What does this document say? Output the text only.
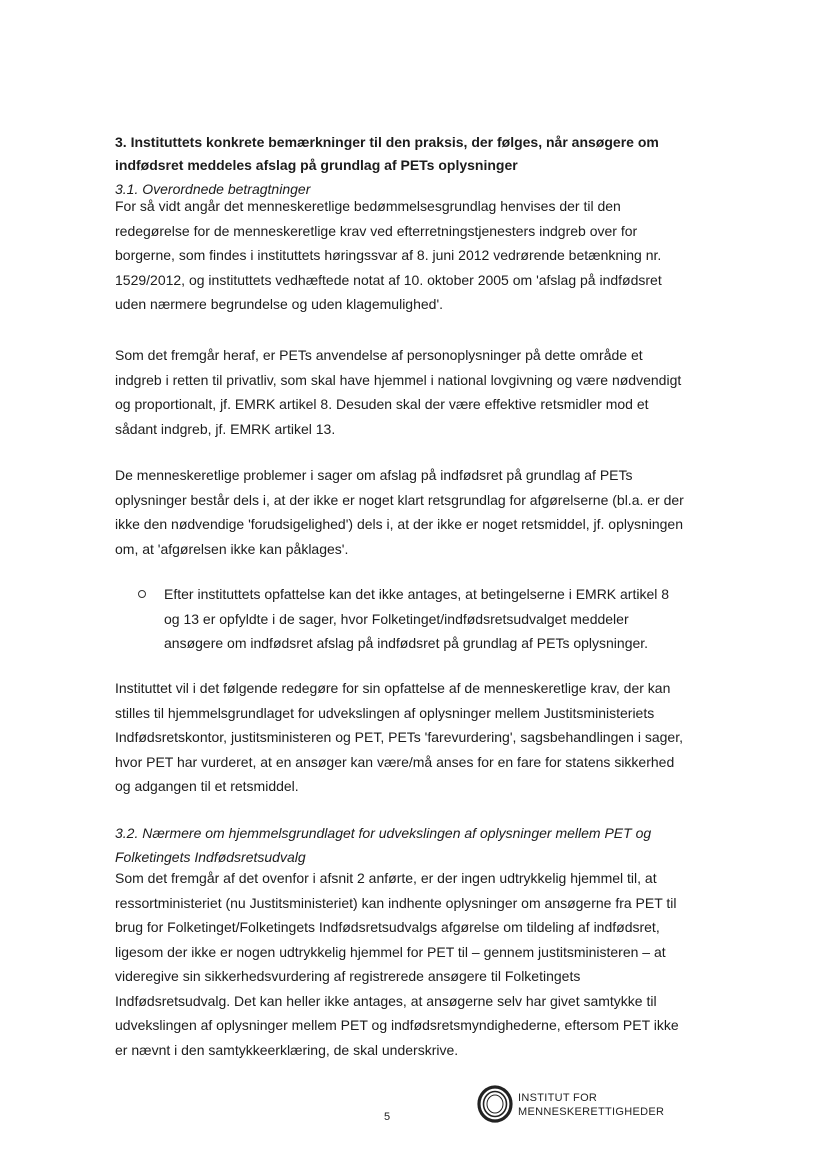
3. Instituttets konkrete bemærkninger til den praksis, der følges, når ansøgere om indfødsret meddeles afslag på grundlag af PETs oplysninger

3.1. Overordnede betragtninger

For så vidt angår det menneskeretlige bedømmelsesgrundlag henvises der til den redegørelse for de menneskeretlige krav ved efterretningstjenesters indgreb over for borgerne, som findes i instituttets høringssvar af 8. juni 2012 vedrørende betænkning nr. 1529/2012, og instituttets vedhæftede notat af 10. oktober 2005 om 'afslag på indfødsret uden nærmere begrundelse og uden klagemulighed'.

Som det fremgår heraf, er PETs anvendelse af personoplysninger på dette område et indgreb i retten til privatliv, som skal have hjemmel i national lovgivning og være nødvendigt og proportionalt, jf. EMRK artikel 8. Desuden skal der være effektive retsmidler mod et sådant indgreb, jf. EMRK artikel 13.

De menneskeretlige problemer i sager om afslag på indfødsret på grundlag af PETs oplysninger består dels i, at der ikke er noget klart retsgrundlag for afgørelserne (bl.a. er der ikke den nødvendige 'forudsigelighed') dels i, at der ikke er noget retsmiddel, jf. oplysningen om, at 'afgørelsen ikke kan påklages'.

Efter instituttets opfattelse kan det ikke antages, at betingelserne i EMRK artikel 8 og 13 er opfyldte i de sager, hvor Folketinget/indfødsretsudvalget meddeler ansøgere om indfødsret afslag på indfødsret på grundlag af PETs oplysninger.

Instituttet vil i det følgende redegøre for sin opfattelse af de menneskeretlige krav, der kan stilles til hjemmelsgrundlaget for udvekslingen af oplysninger mellem Justitsministeriets Indfødsretskontor, justitsministeren og PET, PETs 'farevurdering', sagsbehandlingen i sager, hvor PET har vurderet, at en ansøger kan være/må anses for en fare for statens sikkerhed og adgangen til et retsmiddel.

3.2. Nærmere om hjemmelsgrundlaget for udvekslingen af oplysninger mellem PET og Folketingets Indfødsretsudvalg

Som det fremgår af det ovenfor i afsnit 2 anførte, er der ingen udtrykkelig hjemmel til, at ressortministeriet (nu Justitsministeriet) kan indhente oplysninger om ansøgerne fra PET til brug for Folketinget/Folketingets Indfødsretsudvalgs afgørelse om tildeling af indfødsret, ligesom der ikke er nogen udtrykkelig hjemmel for PET til – gennem justitsministeren – at videregive sin sikkerhedsvurdering af registrerede ansøgere til Folketingets Indfødsretsudvalg. Det kan heller ikke antages, at ansøgerne selv har givet samtykke til udvekslingen af oplysninger mellem PET og indfødsretsmyndighederne, eftersom PET ikke er nævnt i den samtykkeerklæring, de skal underskrive.

5
INSTITUT FOR
MENNESKERETTIGHEDER
